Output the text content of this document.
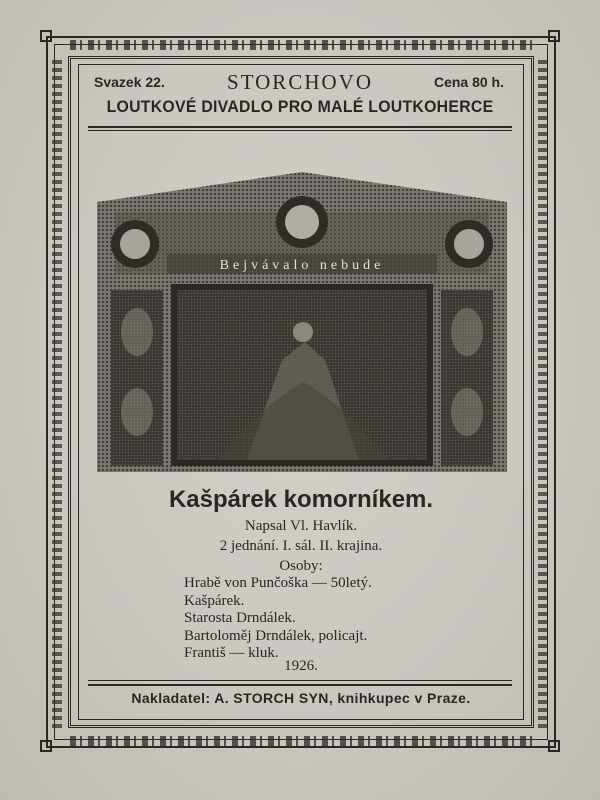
Svazek 22.	STORCHOVO	Cena 80 h.
LOUTKOVÉ DIVADLO PRO MALÉ LOUTKOHERCE
Bejvávalo nebude
Kašpárek komorníkem.
Napsal Vl. Havlík.
2 jednání. I. sál. II. krajina.
Osoby:
Hrabě von Punčoška — 50letý.
Kašpárek.
Starosta Drndálek.
Bartoloměj Drndálek, policajt.
Františ — kluk.
1926.
Nakladatel: A. STORCH SYN, knihkupec v Praze.
